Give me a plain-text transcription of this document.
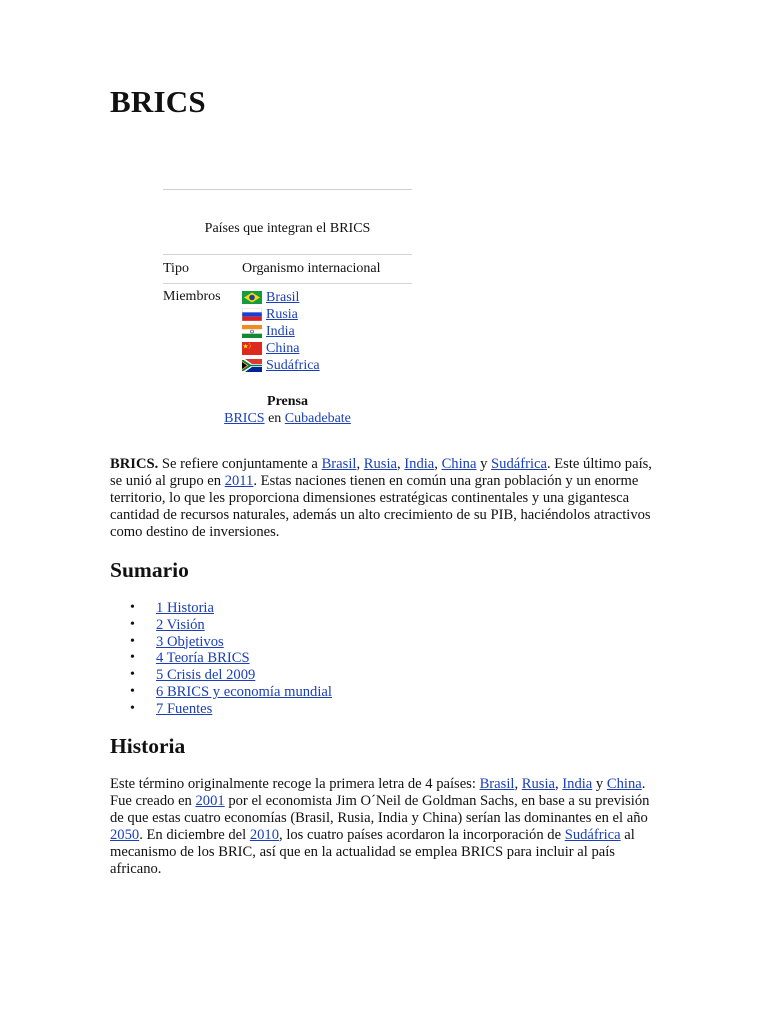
BRICS
Países que integran el BRICS
Tipo	Organismo internacional
Miembros	Brasil
Rusia
India
China
Sudáfrica
Prensa
BRICS en Cubadebate

BRICS. Se refiere conjuntamente a Brasil, Rusia, India, China y Sudáfrica. Este último país, se unió al grupo en 2011. Estas naciones tienen en común una gran población y un enorme territorio, lo que les proporciona dimensiones estratégicas continentales y una gigantesca cantidad de recursos naturales, además un alto crecimiento de su PIB, haciéndolos atractivos como destino de inversiones.

Sumario
• 1 Historia
• 2 Visión
• 3 Objetivos
• 4 Teoría BRICS
• 5 Crisis del 2009
• 6 BRICS y economía mundial
• 7 Fuentes
Historia

Este término originalmente recoge la primera letra de 4 países: Brasil, Rusia, India y China. Fue creado en 2001 por el economista Jim O´Neil de Goldman Sachs, en base a su previsión de que estas cuatro economías (Brasil, Rusia, India y China) serían las dominantes en el año 2050. En diciembre del 2010, los cuatro países acordaron la incorporación de Sudáfrica al mecanismo de los BRIC, así que en la actualidad se emplea BRICS para incluir al país africano.
